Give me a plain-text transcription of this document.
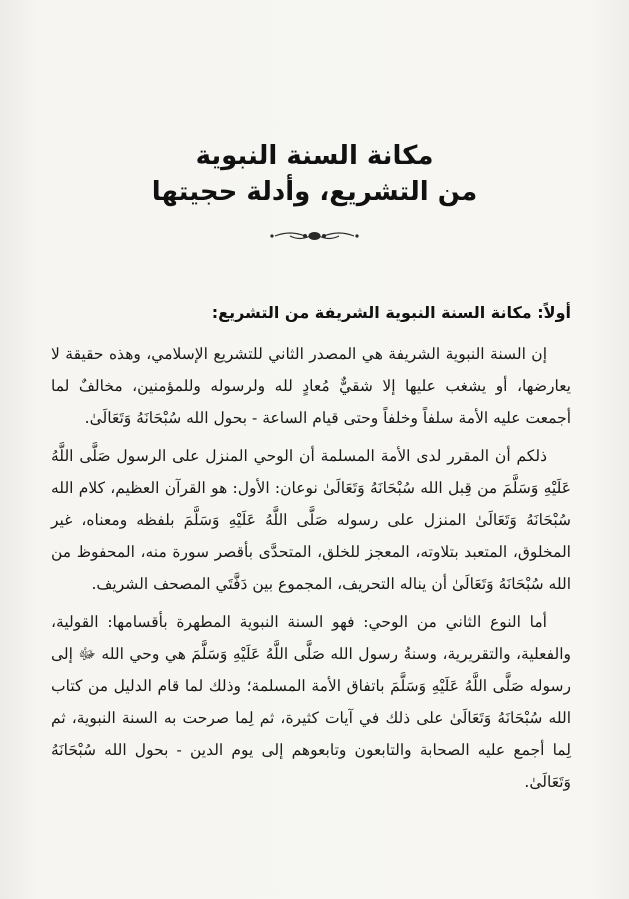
مكانة السنة النبوية
من التشريع، وأدلة حجيتها
أولاً: مكانة السنة النبوية الشريفة من التشريع:

إن السنة النبوية الشريفة هي المصدر الثاني للتشريع الإسلامي، وهذه حقيقة لا يعارضها، أو يشغب عليها إلا شقيٌّ مُعادٍ لله ولرسوله وللمؤمنين، مخالفٌ لما أجمعت عليه الأمة سلفاً وخلفاً وحتى قيام الساعة - بحول الله سُبْحَانَهُ وَتَعَالَىٰ.

ذلكم أن المقرر لدى الأمة المسلمة أن الوحي المنزل على الرسول صَلَّى اللَّهُ عَلَيْهِ وَسَلَّمَ من قِبل الله سُبْحَانَهُ وَتَعَالَىٰ نوعان: الأول: هو القرآن العظيم، كلام الله سُبْحَانَهُ وَتَعَالَىٰ المنزل على رسوله صَلَّى اللَّهُ عَلَيْهِ وَسَلَّمَ بلفظه ومعناه، غير المخلوق، المتعبد بتلاوته، المعجز للخلق، المتحدَّى بأقصر سورة منه، المحفوظ من الله سُبْحَانَهُ وَتَعَالَىٰ أن يناله التحريف، المجموع بين دَفَّتَي المصحف الشريف.

أما النوع الثاني من الوحي: فهو السنة النبوية المطهرة بأقسامها: القولية، والفعلية، والتقريرية، وسنةُ رسول الله صَلَّى اللَّهُ عَلَيْهِ وَسَلَّمَ هي وحي الله ﷻ إلى رسوله صَلَّى اللَّهُ عَلَيْهِ وَسَلَّمَ باتفاق الأمة المسلمة؛ وذلك لما قام الدليل من كتاب الله سُبْحَانَهُ وَتَعَالَىٰ على ذلك في آيات كثيرة، ثم لِما صرحت به السنة النبوية، ثم لِما أجمع عليه الصحابة والتابعون وتابعوهم إلى يوم الدين - بحول الله سُبْحَانَهُ وَتَعَالَىٰ.
